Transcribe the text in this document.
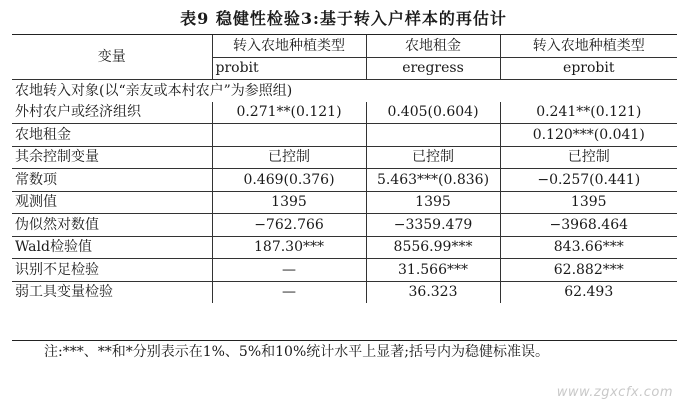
表9 稳健性检验3:基于转入户样本的再估计
变量	转入农地种植类型	农地租金	转入农地种植类型
	probit	eregress	eprobit
农地转入对象(以“亲友或本村农户”为参照组)			
外村农户或经济组织	0.271**(0.121)	0.405(0.604)	0.241**(0.121)
农地租金			0.120***(0.041)
其余控制变量	已控制	已控制	已控制
常数项	0.469(0.376)	5.463***(0.836)	−0.257(0.441)
观测值	1395	1395	1395
伪似然对数值	−762.766	−3359.479	−3968.464
Wald检验值	187.30***	8556.99***	843.66***
识别不足检验	—	31.566***	62.882***
弱工具变量检验	—	36.323	62.493
注:***、**和*分别表示在1%、5%和10%统计水平上显著;括号内为稳健标准误。
www.zgxcfx.com
